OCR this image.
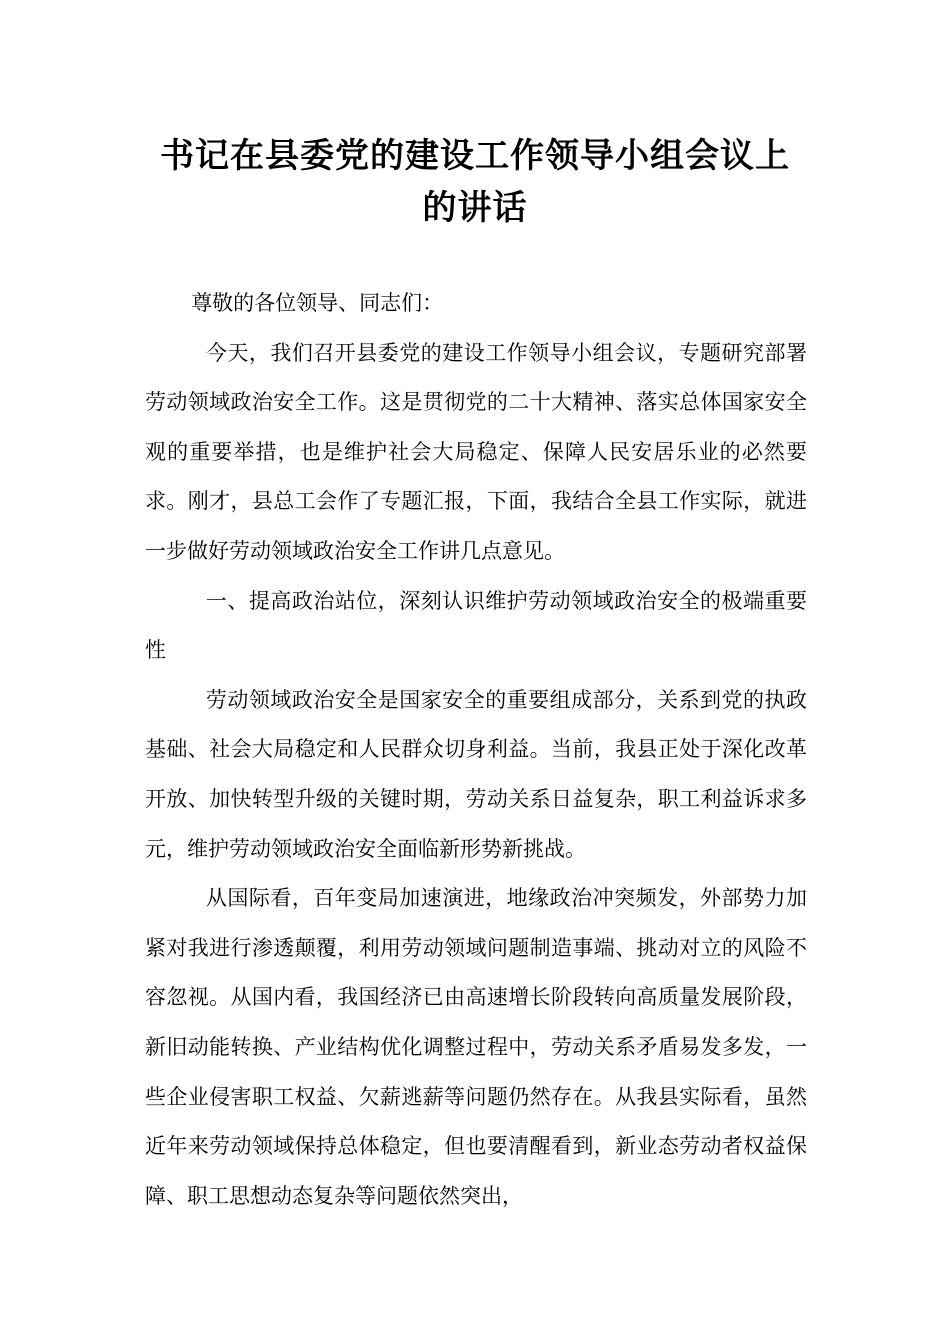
书记在县委党的建设工作领导小组会议上
的讲话

尊敬的各位领导、同志们：

今天，我们召开县委党的建设工作领导小组会议，专题研究部署劳动领域政治安全工作。这是贯彻党的二十大精神、落实总体国家安全观的重要举措，也是维护社会大局稳定、保障人民安居乐业的必然要求。刚才，县总工会作了专题汇报，下面，我结合全县工作实际，就进一步做好劳动领域政治安全工作讲几点意见。

一、提高政治站位，深刻认识维护劳动领域政治安全的极端重要性

劳动领域政治安全是国家安全的重要组成部分，关系到党的执政基础、社会大局稳定和人民群众切身利益。当前，我县正处于深化改革开放、加快转型升级的关键时期，劳动关系日益复杂，职工利益诉求多元，维护劳动领域政治安全面临新形势新挑战。

从国际看，百年变局加速演进，地缘政治冲突频发，外部势力加紧对我进行渗透颠覆，利用劳动领域问题制造事端、挑动对立的风险不容忽视。从国内看，我国经济已由高速增长阶段转向高质量发展阶段，新旧动能转换、产业结构优化调整过程中，劳动关系矛盾易发多发，一些企业侵害职工权益、欠薪逃薪等问题仍然存在。从我县实际看，虽然近年来劳动领域保持总体稳定，但也要清醒看到，新业态劳动者权益保障、职工思想动态复杂等问题依然突出，
